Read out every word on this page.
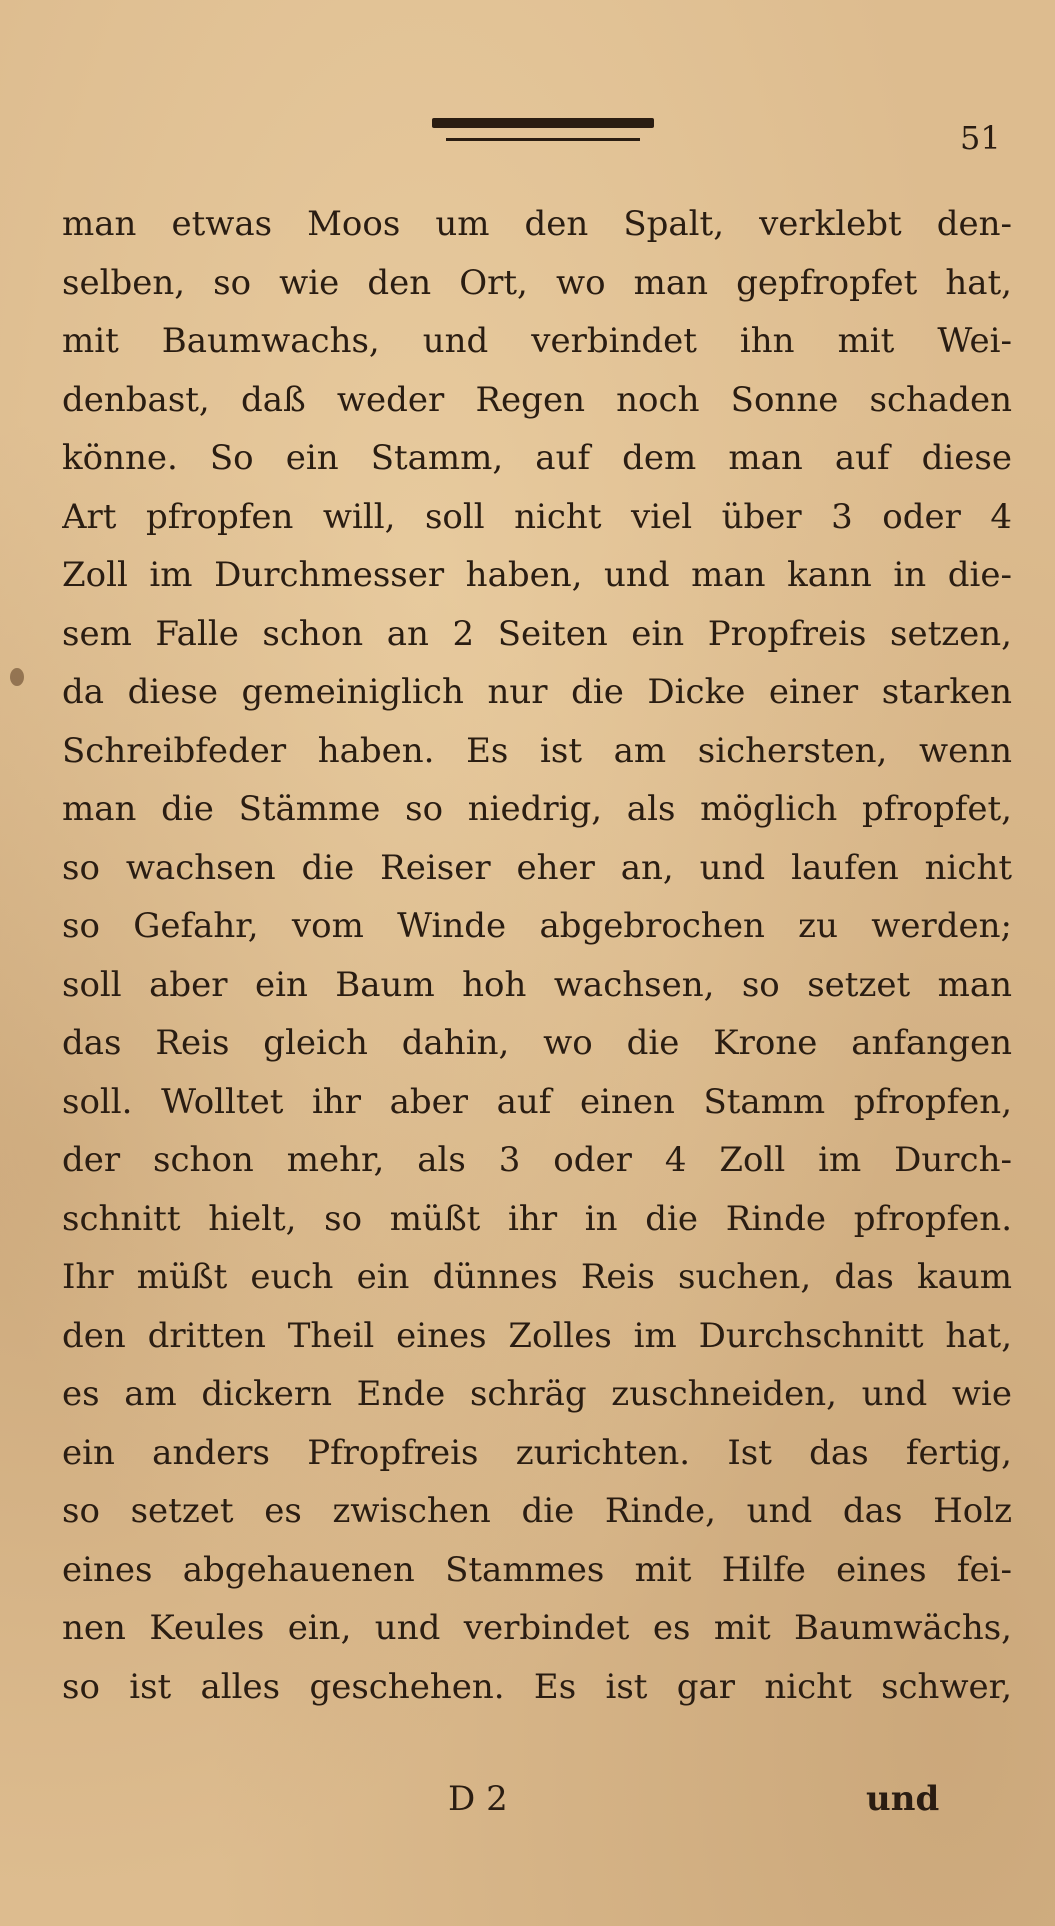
51
man etwas Moos um den Spalt, verklebt den-
selben, so wie den Ort, wo man gepfropfet hat,
mit Baumwachs, und verbindet ihn mit Wei-
denbast, daß weder Regen noch Sonne schaden
könne. So ein Stamm, auf dem man auf diese
Art pfropfen will, soll nicht viel über 3 oder 4
Zoll im Durchmesser haben, und man kann in die-
sem Falle schon an 2 Seiten ein Propfreis setzen,
da diese gemeiniglich nur die Dicke einer starken
Schreibfeder haben. Es ist am sichersten, wenn
man die Stämme so niedrig, als möglich pfropfet,
so wachsen die Reiser eher an, und laufen nicht
so Gefahr, vom Winde abgebrochen zu werden;
soll aber ein Baum hoh wachsen, so setzet man
das Reis gleich dahin, wo die Krone anfangen
soll. Wolltet ihr aber auf einen Stamm pfropfen,
der schon mehr, als 3 oder 4 Zoll im Durch-
schnitt hielt, so müßt ihr in die Rinde pfropfen.
Ihr müßt euch ein dünnes Reis suchen, das kaum
den dritten Theil eines Zolles im Durchschnitt hat,
es am dickern Ende schräg zuschneiden, und wie
ein anders Pfropfreis zurichten. Ist das fertig,
so setzet es zwischen die Rinde, und das Holz
eines abgehauenen Stammes mit Hilfe eines fei-
nen Keules ein, und verbindet es mit Baumwächs,
so ist alles geschehen. Es ist gar nicht schwer,
D 2	und
